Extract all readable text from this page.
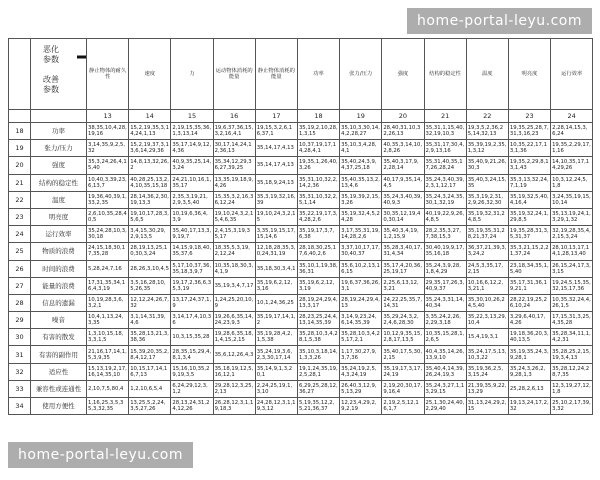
	恶化
参数
改善
参数	静止物体的耐久性	速度	力	运动物体消耗的能量	静止物体消耗的能量	功率	张力/压力	强度	结构的稳定性	温度	明亮度	运行效率
		13	14	15	16	17	18	19	20	21	22	23	24
18	功率	38,35,10,4,28,19,16	15,2,19,35,3,14,24,1,13	2,19,15,35,36,1,3,13,14	19,6,37,36,15,3,2,16,4,1	19,15,3,2,6,16,37,1	35,19,2,10,28,1,3,15	35,10,3,30,14,4,2,28,27	28,40,31,10,32,26,13	35,31,1,15,40,32,19,10,3	19,3,5,2,36,25,14,32,13	19,35,25,28,7,31,3,16,23	2,28,14,15,3,6,24
19	张力/压力	3,14,35,9,2,5,32	15,2,19,37,3,13,6,14,29,36	35,17,14,9,12,4,36	30,17,14,24,12,36,13	35,14,17,4,13	10,37,19,17,14,28,4,1	35,10,3,4,28,4,1	40,35,3,14,10,2,8,26	35,31,17,30,4,2,9,13,16	35,39,19,2,35,1,3,12	10,35,22,17,13,1,36	19,35,2,29,17,1,16
20	强度	35,3,24,26,4,15,40	14,8,13,32,26,2	40,9,35,25,14,3,24	35,34,12,29,36,27,39,25	35,14,17,4,13	19,35,1,26,40,3,26	35,40,24,3,9,4,37,25,18	35,40,3,17,9,2,28,14	35,31,40,35,17,26,28,24	35,40,9,21,26,30,3	19,35,2,29,8,13,1,43	14,10,35,17,14,29,26
21	结构的稳定性	10,40,3,39,23,6,13,7	40,28,25,13,2,4,10,35,15,18	24,21,10,16,1,35,17	13,35,19,18,9,4,26	35,18,9,24,13	35,31,10,32,2,14,2,36	35,40,35,13,2,13,4,6	40,17,9,35,14,4,5	35,24,3,40,39,2,3,1,12,17	35,40,3,24,15,35	35,3,13,32,24,7,1,19	10,3,12,24,5,1,8
22	温度	19,36,40,39,1,33,2,35	28,14,36,2,30,19,13,3	2,35,3,19,21,2,9,3,5,40	15,35,3,2,16,36,12,24	35,3,19,32,16,39	35,31,10,32,2,5,1,14	35,19,39,2,15,3,26	35,24,3,40,39,40,9,3	35,24,3,24,35,30,1,32,19	35,3,19,2,31,2,9,26,32,30	35,19,32,5,40,4,16,4	3,24,35,19,15,10,14
23	明亮度	2,6,10,35,28,40,5	19,10,17,28,3,5,6,5	10,19,6,36,4,3,9	19,10,24,3,2,15,4,6,35	19,10,24,3,2,15	35,22,19,17,3,4,28,2,6	35,19,32,4,5,24,28	30,35,12,19,40,30,14	40,19,22,9,26,4,8,5	35,19,32,31,24,8,5	35,19,32,24,1,29,8,5	35,13,19,24,1,3,29,1,32
24	运行效率	35,24,28,10,3,30,18	3,4,15,30,29,2,9,13,5	35,40,17,13,3,9,19,7	2,4,15,3,19,35,17	3,35,19,15,17,15,14,6	35,19,17,3,7,6,38	3,17,35,31,19,14,28,2,6	35,40,3,4,19,1,2,15,9	28,2,35,3,27,7,38,15,3	35,19,35,31,28,21,37,24	19,35,28,31,3,5,31,37	32,19,28,35,4,2,15,3,24
25	物质的浪费	24,15,18,30,17,35,28	28,19,13,25,10,30,3,24	14,15,9,18,40,35,37,6	18,35,5,3,19,2,12,24	12,18,28,35,3,0,24,31,19	28,18,30,25,17,6,40,2,6	3,37,10,17,17,30,40,37	35,28,3,40,17,31,4,34	30,40,19,9,17,35,16,18	36,37,21,39,3,3,24,2	35,3,21,15,2,21,37,24	28,10,13,17,14,1,28,13,40
26	时间的浪费	5,28,24,7,16	28,26,3,10,4,5	5,17,10,37,36,35,18,3,9,7	10,35,18,30,3,4,1,9	35,18,30,3,4,1	35,10,1,19,38,36,31	35,6,10,2,13,16,15	35,17,4,20,36,25,19,17	35,24,3,9,28,1,8,4,29	24,5,3,35,17,2,15	23,18,34,35,1,5,40	26,15,24,17,3,3,15
27	能量的浪费	17,31,35,34,16,4,3,19	3,5,16,28,10,5,26,35	19,17,2,36,6,35,3,19	35,19,3,4,7,17	35,19,6,2,12,3,16	35,19,6,2,12,3,19	19,6,37,36,26,3,1	2,25,6,13,12,3,21	29,35,17,26,3,40,9,37	10,16,6,12,2,3,21,1	35,17,31,36,19,21,1	19,24,5,15,35,32,15,17,36
28	信息的遗漏	10,19,28,3,6,3,2,1	12,12,24,26,7,32	13,17,24,37,1,9	1,24,25,20,10,9	10,1,24,36,25	28,19,24,29,4,13,3,17	28,19,24,29,4,13	24,22,25,35,7,14,31	35,24,3,31,14,40,34	35,30,10,26,24,5,40	28,22,19,25,26,10,24	10,35,32,24,4,26,1,5
29	噪音	10,4,1,13,24,3,35	3,1,14,31,39,4,6	3,14,17,4,10,36	19,26,6,35,14,24,23,9,3	35,19,17,14,1,2	28,23,25,24,4,13,14,35,39	3,14,9,23,24,6,14,35,39	35,29,24,3,2,2,4,6,28,30	3,35,24,2,26,2,29,3,18	35,22,3,13,29,10,4	3,29,6,40,17,4,26	17,15,31,3,25,4,35,28
30	有害的散发	1,3,10,15,18,3,3,1,5	35,28,13,21,3,38,36	10,3,15,35,28	19,28,6,35,18,1,4,15,2,15	35,19,28,4,2,1,5,38	35,28,10,3,4,28,1,5,38	35,28,10,3,4,25,17,2,1	10,12,9,35,15,2,8,17,13,5	10,35,15,28,1,2,6,5	15,4,19,3,1	19,18,36,20,3,40,13,5	35,28,34,11,1,4,2,31
31	有害的副作用	21,16,17,14,1,5,3,9,35	15,39,20,35,2,8,4,12,17	28,35,15,29,4,8,1,3,4	35,6,12,26,4,3	35,24,19,3,6,2,3,30,17,14	35,10,3,18,14,1,3,3,26	1,17,30,27,9,3,7,36	35,40,17,5,30,2,15	40,4,35,14,26,13,9,10	35,24,17,5,13,10,3,22	35,19,35,24,3,9,28,1	35,28,25,2,15,19,3,4,13
32	适应性	15,13,19,2,17,16,14,35,10	10,15,17,14,16,7,13	15,16,10,35,29,19,3,5	35,18,19,12,5,16,12,1	35,14,9,1,3,20,1	19,1,24,35,19,2,5,28,1	35,24,19,2,5,4,3,24,19	35,19,17,3,17,24,19	35,40,4,14,39,26,24,19,3	35,19,36,2,5,3,15,24	35,24,3,26,2,9,28,1,3	35,28,12,24,28,7,35
33	兼容性或连通性	2,10,7,5,80,4	1,2,10,6,5,4	6,24,29,12,3,1,2	29,28,12,3,25,2,13	2,24,25,19,1,3,10	6,29,25,28,12,36,27	26,40,3,12,9,5,13,29	2,19,20,30,17,9,16,4	35,24,3,27,1,13,29,15	21,39,35,9,22,13,29	25,28,2,6,13	12,3,19,27,12,1,8
34	使用方便性	1,16,25,3,5,35,3,32,35	13,25,5,2,24,3,5,27,26	28,13,24,31,24,12,26	26,28,12,3,1,19,18,3	24,28,12,3,1,19,3,12	5,19,35,12,2,5,21,36,37	12,23,4,29,2,9,2,19	2,19,2,5,12,16,1,7	25,1,30,24,40,2,29,40	31,13,24,29,2,15	19,13,24,17,2,32	25,10,2,17,39,3,32
home-portal-leyu.com
home-portal-leyu.com
